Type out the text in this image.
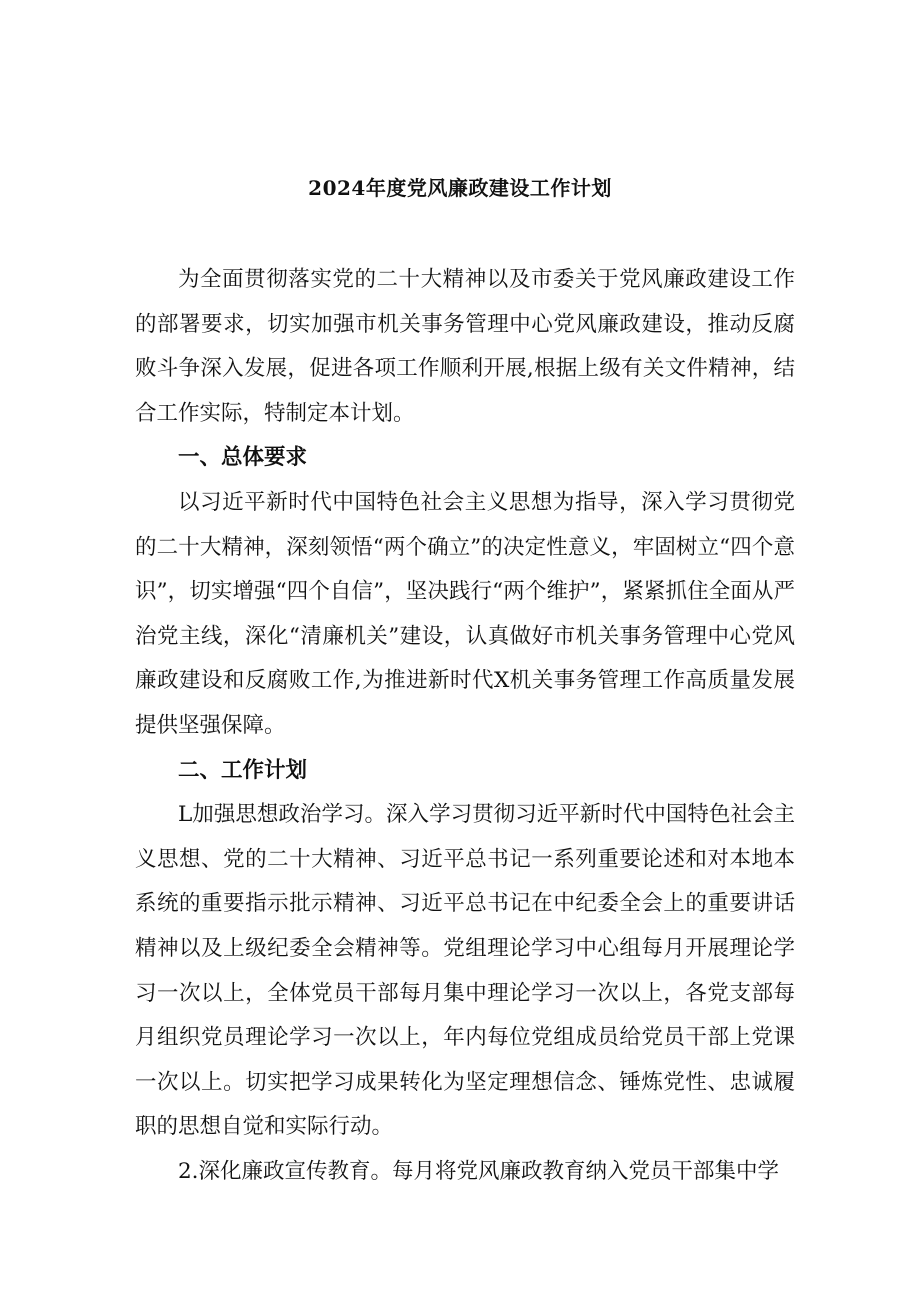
2024年度党风廉政建设工作计划

为全面贯彻落实党的二十大精神以及市委关于党风廉政建设工作的部署要求，切实加强市机关事务管理中心党风廉政建设，推动反腐败斗争深入发展，促进各项工作顺利开展,根据上级有关文件精神，结合工作实际，特制定本计划。

一、总体要求

以习近平新时代中国特色社会主义思想为指导，深入学习贯彻党的二十大精神，深刻领悟“两个确立”的决定性意义，牢固树立“四个意识”，切实增强“四个自信”，坚决践行“两个维护”，紧紧抓住全面从严治党主线，深化“清廉机关”建设，认真做好市机关事务管理中心党风廉政建设和反腐败工作,为推进新时代X机关事务管理工作高质量发展提供坚强保障。

二、工作计划

L加强思想政治学习。深入学习贯彻习近平新时代中国特色社会主义思想、党的二十大精神、习近平总书记一系列重要论述和对本地本系统的重要指示批示精神、习近平总书记在中纪委全会上的重要讲话精神以及上级纪委全会精神等。党组理论学习中心组每月开展理论学习一次以上，全体党员干部每月集中理论学习一次以上，各党支部每月组织党员理论学习一次以上，年内每位党组成员给党员干部上党课一次以上。切实把学习成果转化为坚定理想信念、锤炼党性、忠诚履职的思想自觉和实际行动。

2.深化廉政宣传教育。每月将党风廉政教育纳入党员干部集中学
